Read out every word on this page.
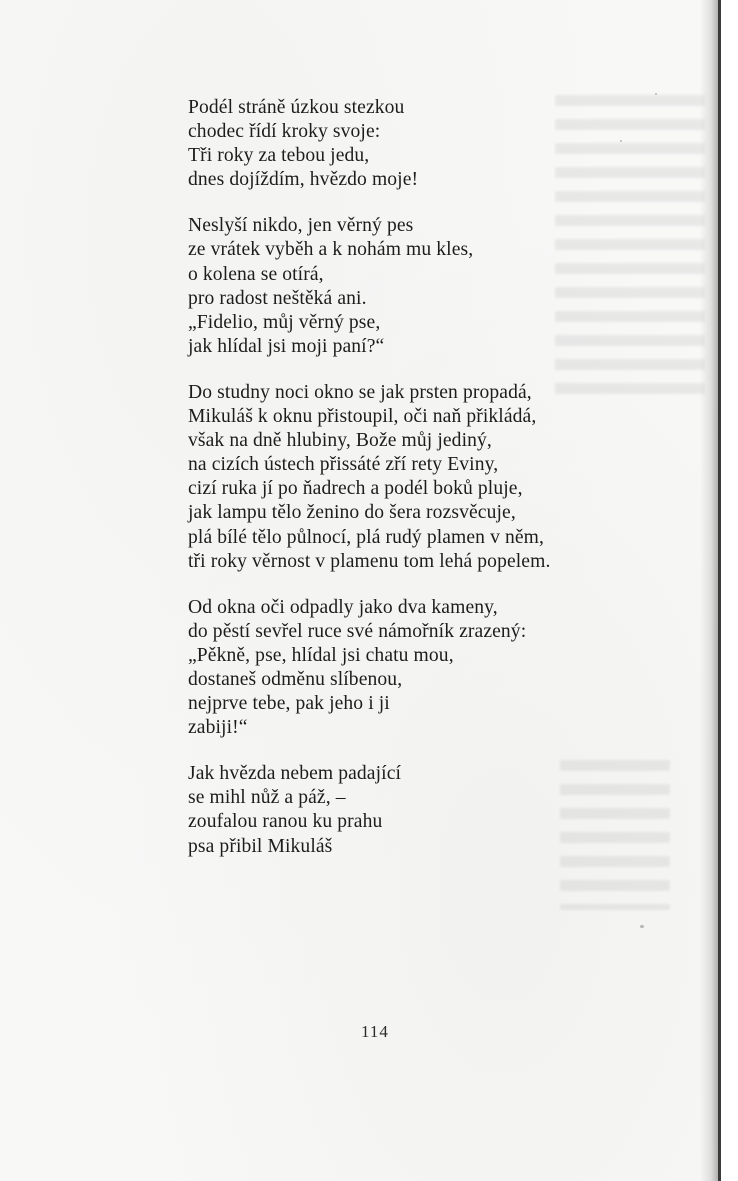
Podél stráně úzkou stezkou
chodec řídí kroky svoje:
Tři roky za tebou jedu,
dnes dojíždím, hvězdo moje!
Neslyší nikdo, jen věrný pes
ze vrátek vyběh a k nohám mu kles,
o kolena se otírá,
pro radost neštěká ani.
„Fidelio, můj věrný pse,
jak hlídal jsi moji paní?“
Do studny noci okno se jak prsten propadá,
Mikuláš k oknu přistoupil, oči naň přikládá,
však na dně hlubiny, Bože můj jediný,
na cizích ústech přissáté zří rety Eviny,
cizí ruka jí po ňadrech a podél boků pluje,
jak lampu tělo ženino do šera rozsvěcuje,
plá bílé tělo půlnocí, plá rudý plamen v něm,
tři roky věrnost v plamenu tom lehá popelem.
Od okna oči odpadly jako dva kameny,
do pěstí sevřel ruce své námořník zrazený:
„Pěkně, pse, hlídal jsi chatu mou,
dostaneš odměnu slíbenou,
nejprve tebe, pak jeho i ji
zabiji!“
Jak hvězda nebem padající
se mihl nůž a páž, –
zoufalou ranou ku prahu
psa přibil Mikuláš
114
